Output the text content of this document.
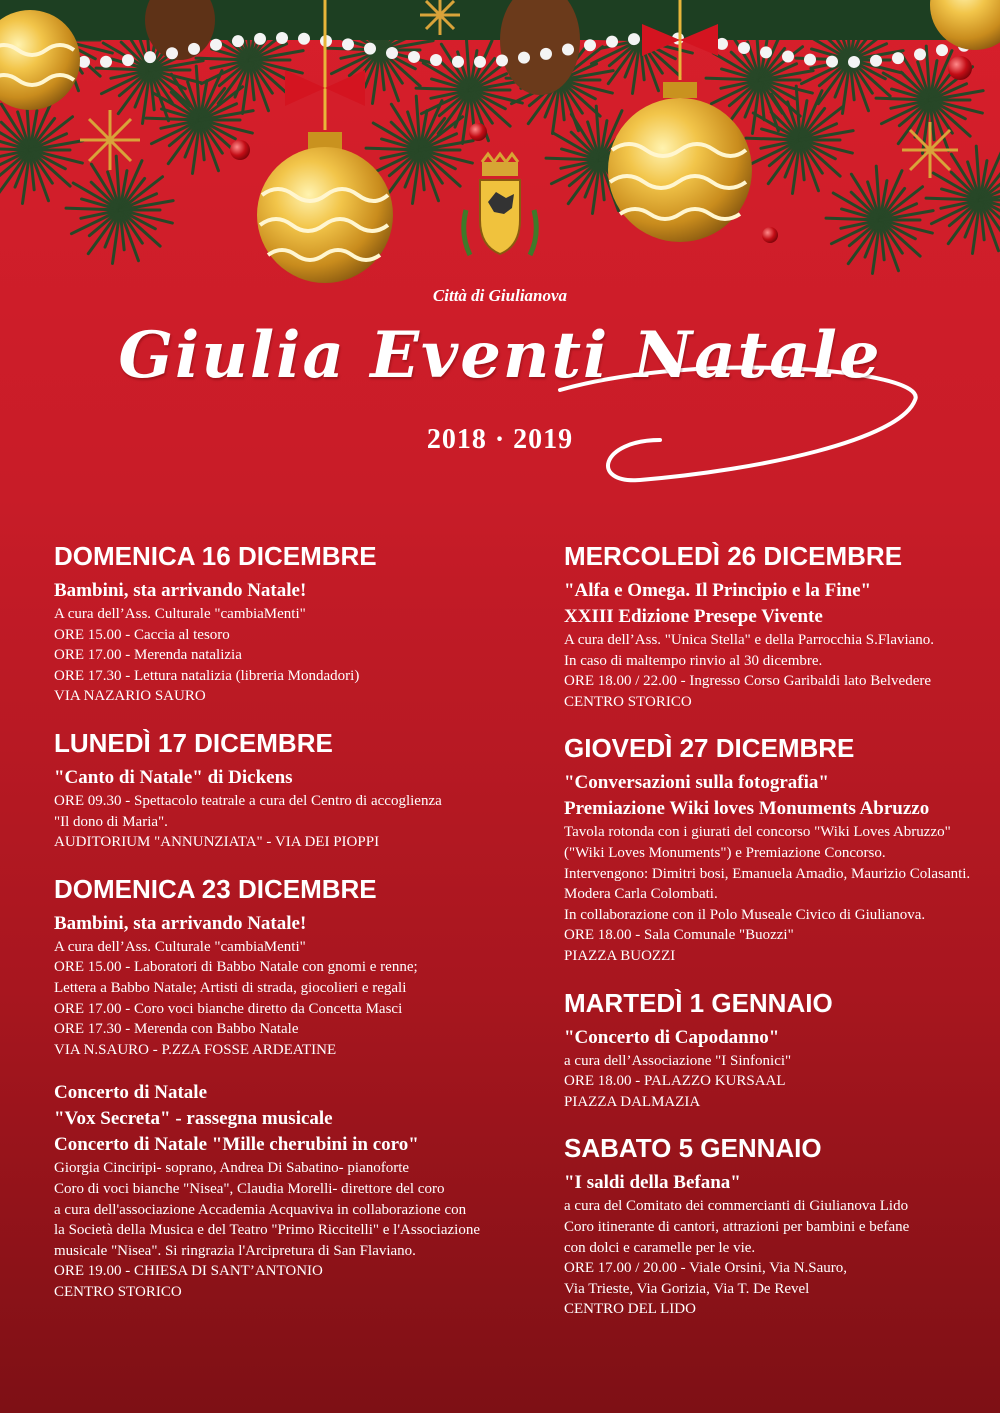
Città di Giulianova
Giulia Eventi Natale
2018 · 2019
DOMENICA 16 DICEMBRE
Bambini, sta arrivando Natale!
A cura dell’Ass. Culturale "cambiaMenti"
ORE 15.00 - Caccia al tesoro
ORE 17.00 - Merenda natalizia
ORE 17.30 - Lettura natalizia (libreria Mondadori)
VIA NAZARIO SAURO
LUNEDÌ 17 DICEMBRE
"Canto di Natale" di Dickens
ORE 09.30 - Spettacolo teatrale a cura del Centro di accoglienza
"Il dono di Maria".
AUDITORIUM "ANNUNZIATA" - VIA DEI PIOPPI
DOMENICA 23 DICEMBRE
Bambini, sta arrivando Natale!
A cura dell’Ass. Culturale "cambiaMenti"
ORE 15.00 - Laboratori di Babbo Natale con gnomi e renne;
Lettera a Babbo Natale; Artisti di strada, giocolieri e regali
ORE 17.00 - Coro voci bianche diretto da Concetta Masci
ORE 17.30 - Merenda con Babbo Natale
VIA N.SAURO - P.ZZA FOSSE ARDEATINE
Concerto di Natale
"Vox Secreta" - rassegna musicale
Concerto di Natale "Mille cherubini in coro"
Giorgia Cinciripi- soprano, Andrea Di Sabatino- pianoforte
Coro di voci bianche "Nisea", Claudia Morelli- direttore del coro
a cura dell'associazione Accademia Acquaviva in collaborazione con
la Società della Musica e del Teatro "Primo Riccitelli" e l'Associazione
musicale "Nisea". Si ringrazia l'Arcipretura di San Flaviano.
ORE 19.00 - CHIESA DI SANT’ANTONIO
CENTRO STORICO
MERCOLEDÌ 26 DICEMBRE
"Alfa e Omega. Il Principio e la Fine"
XXIII Edizione Presepe Vivente
A cura dell’Ass. "Unica Stella" e della Parrocchia S.Flaviano.
In caso di maltempo rinvio al 30 dicembre.
ORE 18.00 / 22.00 - Ingresso Corso Garibaldi lato Belvedere
CENTRO STORICO
GIOVEDÌ 27 DICEMBRE
"Conversazioni sulla fotografia"
Premiazione Wiki loves Monuments Abruzzo
Tavola rotonda con i giurati del concorso "Wiki Loves Abruzzo"
("Wiki Loves Monuments") e Premiazione Concorso.
Intervengono: Dimitri bosi, Emanuela Amadio, Maurizio Colasanti.
Modera Carla Colombati.
In collaborazione con il Polo Museale Civico di Giulianova.
ORE 18.00 - Sala Comunale "Buozzi"
PIAZZA BUOZZI
MARTEDÌ 1 GENNAIO
"Concerto di Capodanno"
a cura dell’Associazione "I Sinfonici"
ORE 18.00 - PALAZZO KURSAAL
PIAZZA DALMAZIA
SABATO 5 GENNAIO
"I saldi della Befana"
a cura del Comitato dei commercianti di Giulianova Lido
Coro itinerante di cantori, attrazioni per bambini e befane
con dolci e caramelle per le vie.
ORE 17.00 / 20.00 - Viale Orsini, Via N.Sauro,
Via Trieste, Via Gorizia, Via T. De Revel
CENTRO DEL LIDO
